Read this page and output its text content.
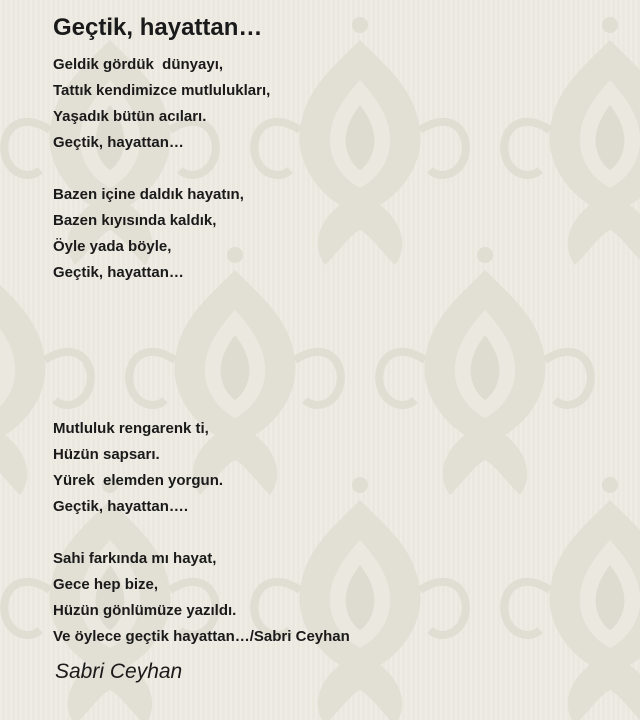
Geçtik, hayattan…
Geldik gördük  dünyayı,
Tattık kendimizce mutlulukları,
Yaşadık bütün acıları.
Geçtik, hayattan…
Bazen içine daldık hayatın,
Bazen kıyısında kaldık,
Öyle yada böyle,
Geçtik, hayattan…
Mutluluk rengarenk ti,
Hüzün sapsarı.
Yürek  elemden yorgun.
Geçtik, hayattan….
Sahi farkında mı hayat,
Gece hep bize,
Hüzün gönlümüze yazıldı.
Ve öylece geçtik hayattan…/Sabri Ceyhan
Sabri Ceyhan
